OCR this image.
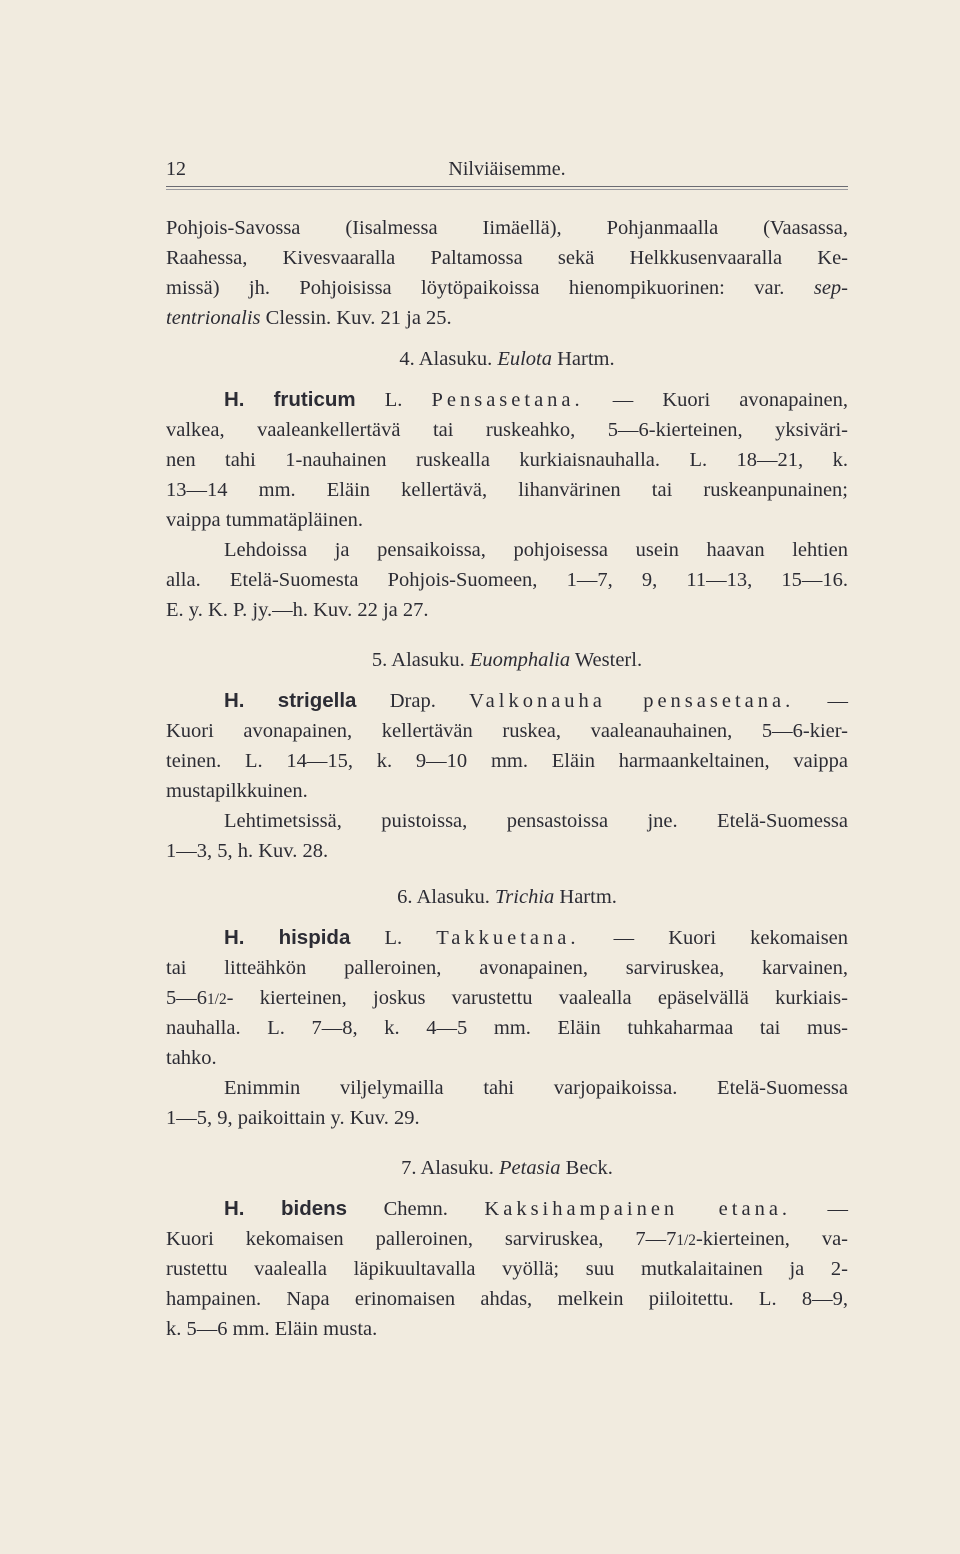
12	Nilviäisemme.
Pohjois-Savossa (Iisalmessa Iimäellä), Pohjanmaalla (Vaasassa,
Raahessa, Kivesvaaralla Paltamossa sekä Helkkusenvaaralla Ke-
missä) jh. Pohjoisissa löytöpaikoissa hienompikuorinen: var. sep-
tentrionalis Clessin. Kuv. 21 ja 25.
4. Alasuku. Eulota Hartm.
H. fruticum L. Pensasetana. — Kuori avonapainen,
valkea, vaaleankellertävä tai ruskeahko, 5—6-kierteinen, yksiväri-
nen tahi 1-nauhainen ruskealla kurkiaisnauhalla. L. 18—21, k.
13—14 mm. Eläin kellertävä, lihanvärinen tai ruskeanpunainen;
vaippa tummatäpläinen.
Lehdoissa ja pensaikoissa, pohjoisessa usein haavan lehtien
alla. Etelä-Suomesta Pohjois-Suomeen, 1—7, 9, 11—13, 15—16.
E. y. K. P. jy.—h. Kuv. 22 ja 27.
5. Alasuku. Euomphalia Westerl.
H. strigella Drap. Valkonauha pensasetana. —
Kuori avonapainen, kellertävän ruskea, vaaleanauhainen, 5—6-kier-
teinen. L. 14—15, k. 9—10 mm. Eläin harmaankeltainen, vaippa
mustapilkkuinen.
Lehtimetsissä, puistoissa, pensastoissa jne. Etelä-Suomessa
1—3, 5, h. Kuv. 28.
6. Alasuku. Trichia Hartm.
H. hispida L. Takkuetana. — Kuori kekomaisen
tai litteähkön palleroinen, avonapainen, sarviruskea, karvainen,
5—61/2- kierteinen, joskus varustettu vaalealla epäselvällä kurkiais-
nauhalla. L. 7—8, k. 4—5 mm. Eläin tuhkaharmaa tai mus-
tahko.
Enimmin viljelymailla tahi varjopaikoissa. Etelä-Suomessa
1—5, 9, paikoittain y. Kuv. 29.
7. Alasuku. Petasia Beck.
H. bidens Chemn. Kaksihampainen etana. —
Kuori kekomaisen palleroinen, sarviruskea, 7—71/2-kierteinen, va-
rustettu vaalealla läpikuultavalla vyöllä; suu mutkalaitainen ja 2-
hampainen. Napa erinomaisen ahdas, melkein piiloitettu. L. 8—9,
k. 5—6 mm. Eläin musta.
